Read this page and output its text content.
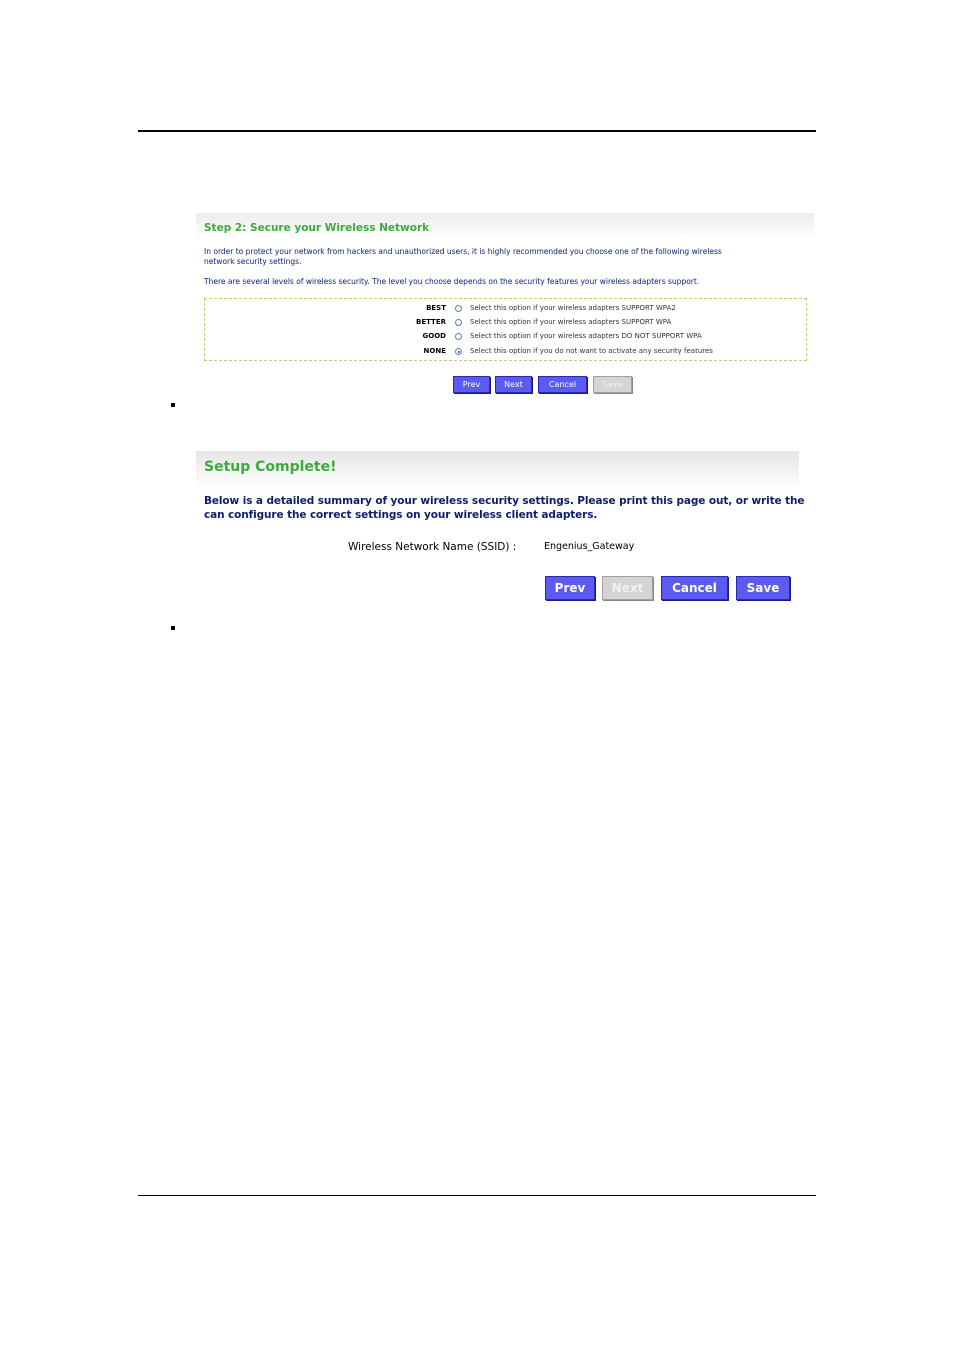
Step 2: Secure your Wireless Network
In order to protect your network from hackers and unauthorized users, it is highly recommended you choose one of the following wireless
network security settings.
There are several levels of wireless security. The level you choose depends on the security features your wireless adapters support.
BEST	Select this option if your wireless adapters SUPPORT WPA2
BETTER	Select this option if your wireless adapters SUPPORT WPA
GOOD	Select this option if your wireless adapters DO NOT SUPPORT WPA
NONE	Select this option if you do not want to activate any security features
Prev	Next	Cancel	Save
Setup Complete!
Below is a detailed summary of your wireless security settings. Please print this page out, or write the
can configure the correct settings on your wireless client adapters.
Wireless Network Name (SSID) :	Engenius_Gateway
Prev	Next	Cancel	Save
